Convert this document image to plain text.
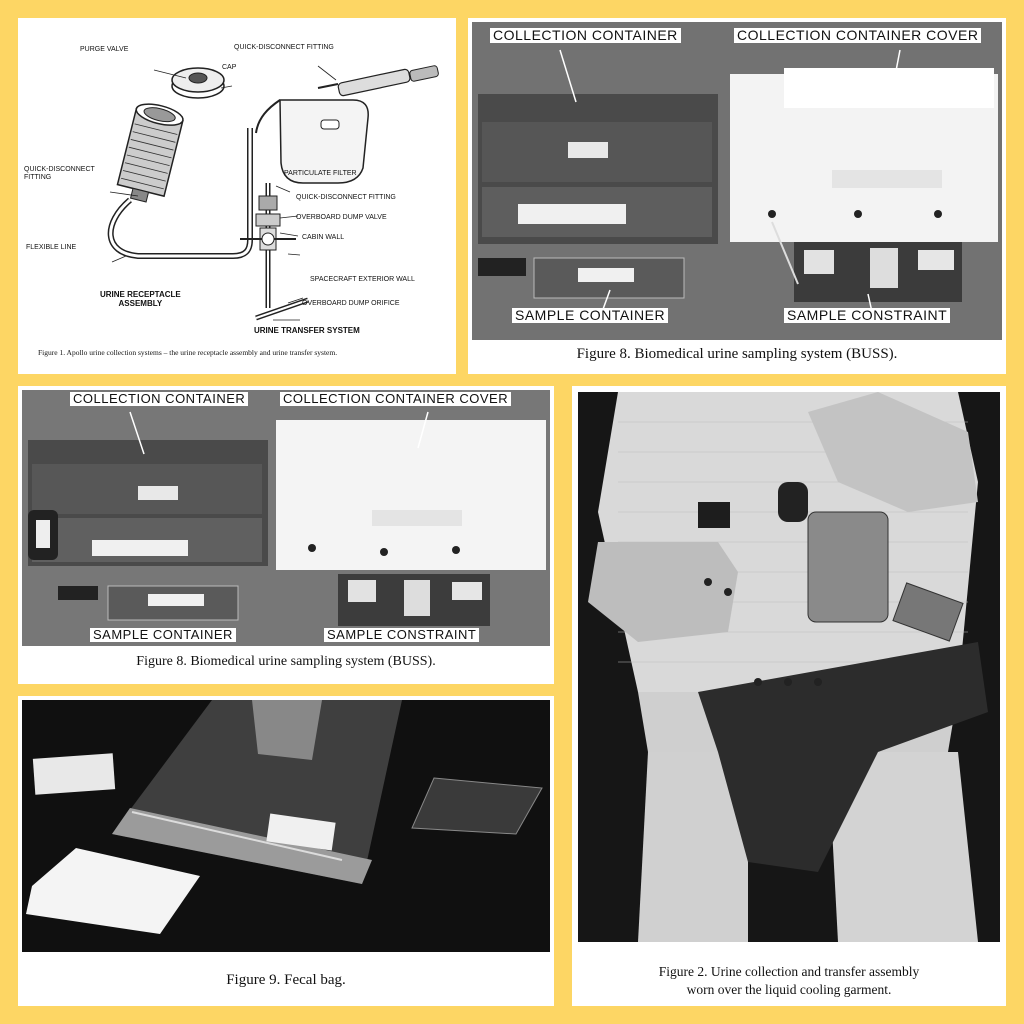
PURGE VALVE
CAP
QUICK-DISCONNECT FITTING
QUICK-DISCONNECT
FITTING
PARTICULATE FILTER
QUICK-DISCONNECT FITTING
OVERBOARD DUMP VALVE
CABIN WALL
FLEXIBLE LINE
SPACECRAFT EXTERIOR WALL
OVERBOARD DUMP ORIFICE
URINE RECEPTACLE
ASSEMBLY
URINE TRANSFER SYSTEM
Figure 1. Apollo urine collection systems – the urine receptacle assembly and urine transfer system.
COLLECTION CONTAINER	COLLECTION CONTAINER COVER
SAMPLE CONTAINER	SAMPLE CONSTRAINT
Figure 8. Biomedical urine sampling system (BUSS).
COLLECTION CONTAINER	COLLECTION CONTAINER COVER
SAMPLE CONTAINER	SAMPLE CONSTRAINT
Figure 8. Biomedical urine sampling system (BUSS).
Figure 2. Urine collection and transfer assembly
worn over the liquid cooling garment.
Figure 9. Fecal bag.
